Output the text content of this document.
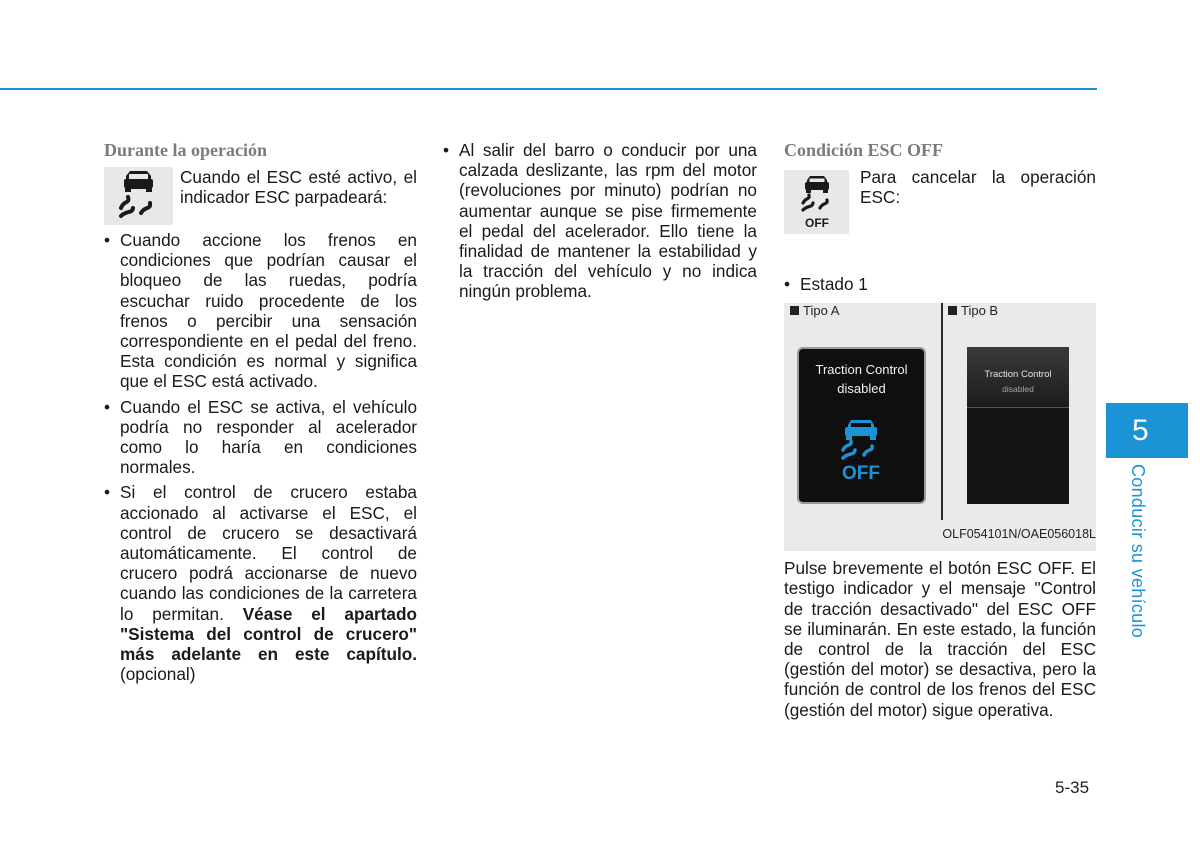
Durante la operación
Cuando el ESC esté activo, el indicador ESC parpadeará:
• Cuando accione los frenos en condiciones que podrían causar el bloqueo de las ruedas, podría escuchar ruido procedente de los frenos o percibir una sensación correspondiente en el pedal del freno. Esta condición es normal y significa que el ESC está activado.
• Cuando el ESC se activa, el vehículo podría no responder al acelerador como lo haría en condiciones normales.
• Si el control de crucero estaba accionado al activarse el ESC, el control de crucero se desactivará automáticamente. El control de crucero podrá accionarse de nuevo cuando las condiciones de la carretera lo permitan. Véase el apartado "Sistema del control de crucero" más adelante en este capítulo. (opcional)
• Al salir del barro o conducir por una calzada deslizante, las rpm del motor (revoluciones por minuto) podrían no aumentar aunque se pise firmemente el pedal del acelerador. Ello tiene la finalidad de mantener la estabilidad y la tracción del vehículo y no indica ningún problema.
Condición ESC OFF
OFF
Para cancelar la operación ESC:
• Estado 1
Tipo A	Tipo B
Traction Control
disabled
OFF
Traction Control
disabled
OLF054101N/OAE056018L
Pulse brevemente el botón ESC OFF. El testigo indicador y el mensaje "Control de tracción desactivado" del ESC OFF se iluminarán. En este estado, la función de control de la tracción del ESC (gestión del motor) se desactiva, pero la función de control de los frenos del ESC (gestión del motor) sigue operativa.
5
Conducir su vehículo
5-35
